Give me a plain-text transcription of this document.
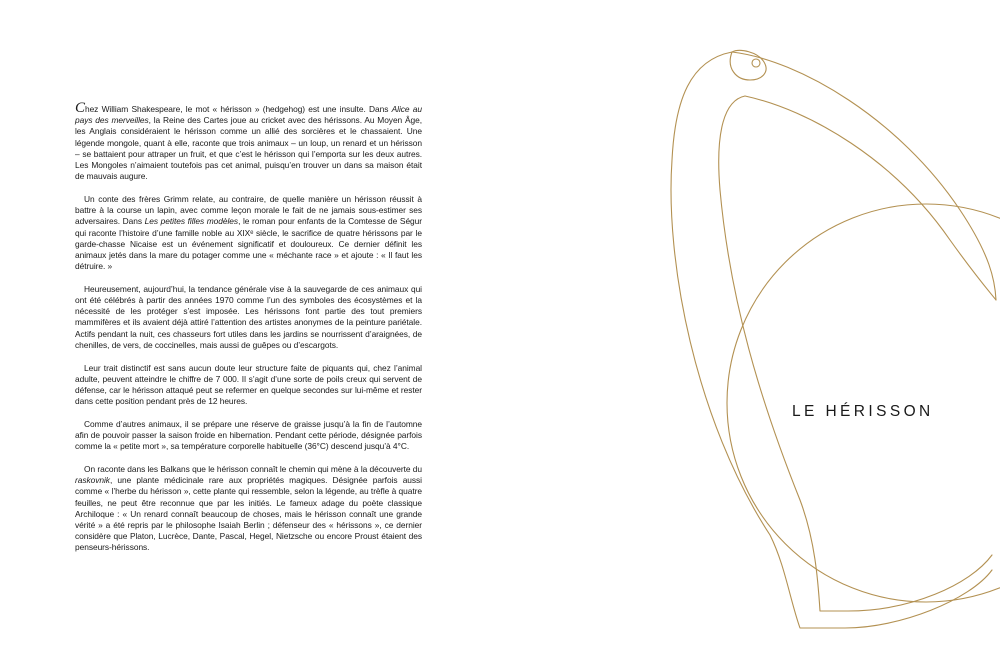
Chez William Shakespeare, le mot « hérisson » (hedgehog) est une insulte. Dans Alice au pays des merveilles, la Reine des Cartes joue au cricket avec des hérissons. Au Moyen Âge, les Anglais considéraient le hérisson comme un allié des sorcières et le chassaient. Une légende mongole, quant à elle, raconte que trois animaux – un loup, un renard et un hérisson – se battaient pour attraper un fruit, et que c’est le hérisson qui l’emporta sur les deux autres. Les Mongoles n’aimaient toutefois pas cet animal, puisqu’en trouver un dans sa maison était de mauvais augure.

Un conte des frères Grimm relate, au contraire, de quelle manière un hérisson réussit à battre à la course un lapin, avec comme leçon morale le fait de ne jamais sous-estimer ses adversaires. Dans Les petites filles modèles, le roman pour enfants de la Comtesse de Ségur qui raconte l’histoire d’une famille noble au XIXᵉ siècle, le sacrifice de quatre hérissons par le garde-chasse Nicaise est un événement significatif et douloureux. Ce dernier définit les animaux jetés dans la mare du potager comme une « méchante race » et ajoute : « Il faut les détruire. »

Heureusement, aujourd’hui, la tendance générale vise à la sauvegarde de ces animaux qui ont été célébrés à partir des années 1970 comme l’un des symboles des écosystèmes et la nécessité de les protéger s’est imposée. Les hérissons font partie des tout premiers mammifères et ils avaient déjà attiré l’attention des artistes anonymes de la peinture pariétale. Actifs pendant la nuit, ces chasseurs fort utiles dans les jardins se nourrissent d’araignées, de chenilles, de vers, de coccinelles, mais aussi de guêpes ou d’escargots.

Leur trait distinctif est sans aucun doute leur structure faite de piquants qui, chez l’animal adulte, peuvent atteindre le chiffre de 7 000. Il s’agit d’une sorte de poils creux qui servent de défense, car le hérisson attaqué peut se refermer en quelque secondes sur lui-même et rester dans cette position pendant près de 12 heures.

Comme d’autres animaux, il se prépare une réserve de graisse jusqu’à la fin de l’automne afin de pouvoir passer la saison froide en hibernation. Pendant cette période, désignée parfois comme la « petite mort », sa température corporelle habituelle (36°C) descend jusqu’à 4°C.

On raconte dans les Balkans que le hérisson connaît le chemin qui mène à la découverte du raskovnik, une plante médicinale rare aux propriétés magiques. Désignée parfois aussi comme « l’herbe du hérisson », cette plante qui ressemble, selon la légende, au trèfle à quatre feuilles, ne peut être reconnue que par les initiés. Le fameux adage du poète classique Archiloque : « Un renard connaît beaucoup de choses, mais le hérisson connaît une grande vérité » a été repris par le philosophe Isaiah Berlin ; défenseur des « hérissons », ce dernier considère que Platon, Lucrèce, Dante, Pascal, Hegel, Nietzsche ou encore Proust étaient des penseurs-hérissons.

LE HÉRISSON
